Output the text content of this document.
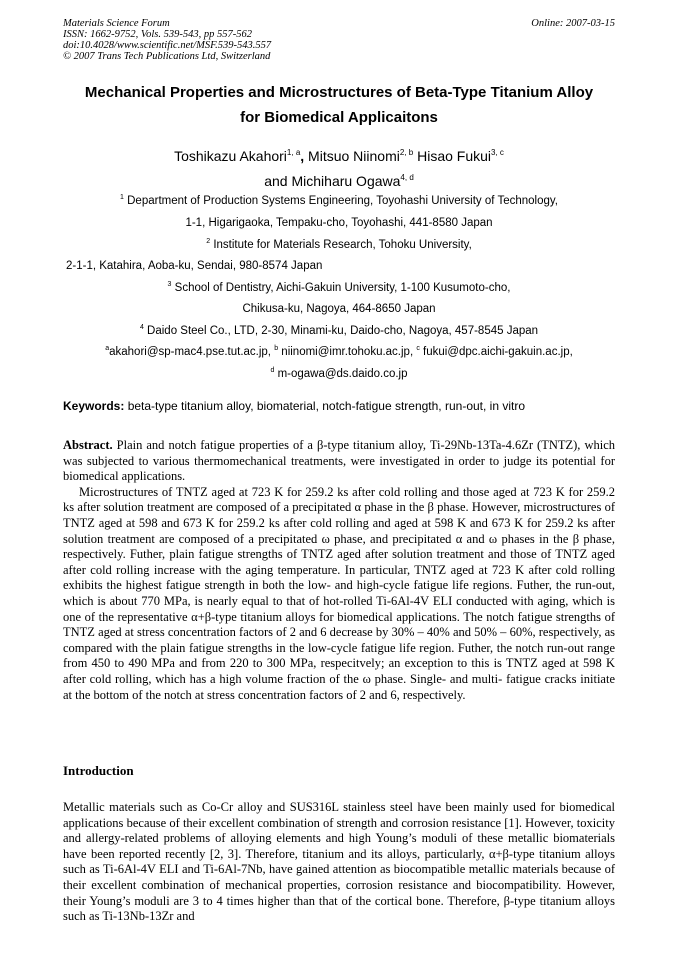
Materials Science Forum
ISSN: 1662-9752, Vols. 539-543, pp 557-562
doi:10.4028/www.scientific.net/MSF.539-543.557
© 2007 Trans Tech Publications Ltd, Switzerland
Online: 2007-03-15
Mechanical Properties and Microstructures of Beta-Type Titanium Alloy
for Biomedical Applicaitons
Toshikazu Akahori$^{1, a}$, Mitsuo Niinomi$^{2, b}$ Hisao Fukui$^{3, c}$
and Michiharu Ogawa$^{4, d}$
$^1$ Department of Production Systems Engineering, Toyohashi University of Technology,
1-1, Higarigaoka, Tempaku-cho, Toyohashi, 441-8580 Japan
$^2$ Institute for Materials Research, Tohoku University,
2-1-1, Katahira, Aoba-ku, Sendai, 980-8574 Japan
$^3$ School of Dentistry, Aichi-Gakuin University, 1-100 Kusumoto-cho,
Chikusa-ku, Nagoya, 464-8650 Japan
$^4$ Daido Steel Co., LTD, 2-30, Minami-ku, Daido-cho, Nagoya, 457-8545 Japan
$^a$akahori@sp-mac4.pse.tut.ac.jp, $^b$ niinomi@imr.tohoku.ac.jp, $^c$ fukui@dpc.aichi-gakuin.ac.jp,
$^d$ m-ogawa@ds.daido.co.jp
Keywords: beta-type titanium alloy, biomaterial, notch-fatigue strength, run-out, in vitro

Abstract. Plain and notch fatigue properties of a β-type titanium alloy, Ti-29Nb-13Ta-4.6Zr (TNTZ), which was subjected to various thermomechanical treatments, were investigated in order to judge its potential for biomedical applications.

Microstructures of TNTZ aged at 723 K for 259.2 ks after cold rolling and those aged at 723 K for 259.2 ks after solution treatment are composed of a precipitated α phase in the β phase. However, microstructures of TNTZ aged at 598 and 673 K for 259.2 ks after cold rolling and aged at 598 K and 673 K for 259.2 ks after solution treatment are composed of a precipitated ω phase, and precipitated α and ω phases in the β phase, respectively. Futher, plain fatigue strengths of TNTZ aged after solution treatment and those of TNTZ aged after cold rolling increase with the aging temperature. In particular, TNTZ aged at 723 K after cold rolling exhibits the highest fatigue strength in both the low- and high-cycle fatigue life regions. Futher, the run-out, which is about 770 MPa, is nearly equal to that of hot-rolled Ti-6Al-4V ELI conducted with aging, which is one of the representative α+β-type titanium alloys for biomedical applications. The notch fatigue strengths of TNTZ aged at stress concentration factors of 2 and 6 decrease by 30% – 40% and 50% – 60%, respectively, as compared with the plain fatigue strengths in the low-cycle fatigue life region. Futher, the notch run-out range from 450 to 490 MPa and from 220 to 300 MPa, respecitvely; an exception to this is TNTZ aged at 598 K after cold rolling, which has a high volume fraction of the ω phase. Single- and multi- fatigue cracks initiate at the bottom of the notch at stress concentration factors of 2 and 6, respectively.

Introduction

Metallic materials such as Co-Cr alloy and SUS316L stainless steel have been mainly used for biomedical applications because of their excellent combination of strength and corrosion resistance [1]. However, toxicity and allergy-related problems of alloying elements and high Young’s moduli of these metallic biomaterials have been reported recently [2, 3]. Therefore, titanium and its alloys, particularly, α+β-type titanium alloys such as Ti-6Al-4V ELI and Ti-6Al-7Nb, have gained attention as biocompatible metallic materials because of their excellent combination of mechanical properties, corrosion resistance and biocompatibility. However, their Young’s moduli are 3 to 4 times higher than that of the cortical bone. Therefore, β-type titanium alloys such as Ti-13Nb-13Zr and
